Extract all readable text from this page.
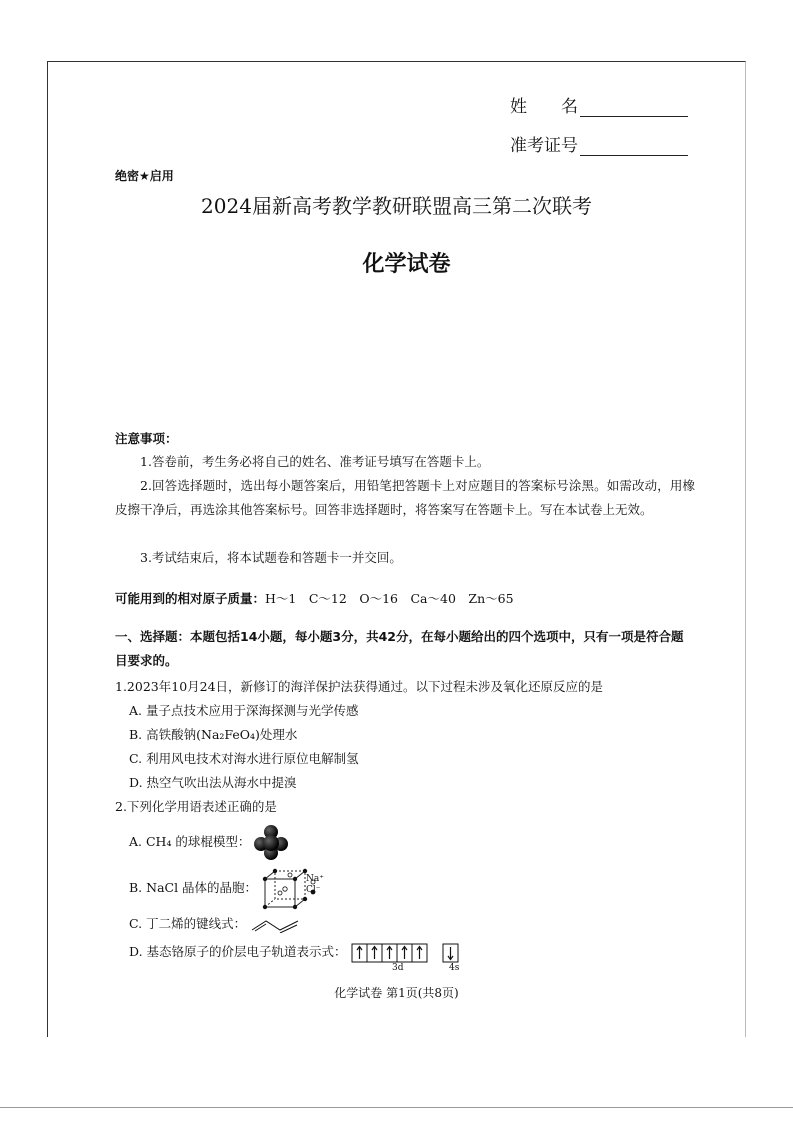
姓　　名
准考证号
绝密★启用
2024届新高考教学教研联盟高三第二次联考
化学试卷
注意事项：
1.答卷前，考生务必将自己的姓名、准考证号填写在答题卡上。
2.回答选择题时，选出每小题答案后，用铅笔把答题卡上对应题目的答案标号涂黑。如需改动，用橡皮擦干净后，再选涂其他答案标号。回答非选择题时，将答案写在答题卡上。写在本试卷上无效。
3.考试结束后，将本试题卷和答题卡一并交回。
可能用到的相对原子质量：H～1　C～12　O～16　Ca～40　Zn～65
一、选择题：本题包括14小题，每小题3分，共42分，在每小题给出的四个选项中，只有一项是符合题目要求的。
1.2023年10月24日，新修订的海洋保护法获得通过。以下过程未涉及氧化还原反应的是
A. 量子点技术应用于深海探测与光学传感
B. 高铁酸钠(Na₂FeO₄)处理水
C. 利用风电技术对海水进行原位电解制氢
D. 热空气吹出法从海水中提溴
2.下列化学用语表述正确的是
A. CH₄ 的球棍模型：
B. NaCl 晶体的晶胞：
Na⁺
Cl⁻
C. 丁二烯的键线式：
D. 基态铬原子的价层电子轨道表示式：
3d	4s
化学试卷 第1页(共8页)
